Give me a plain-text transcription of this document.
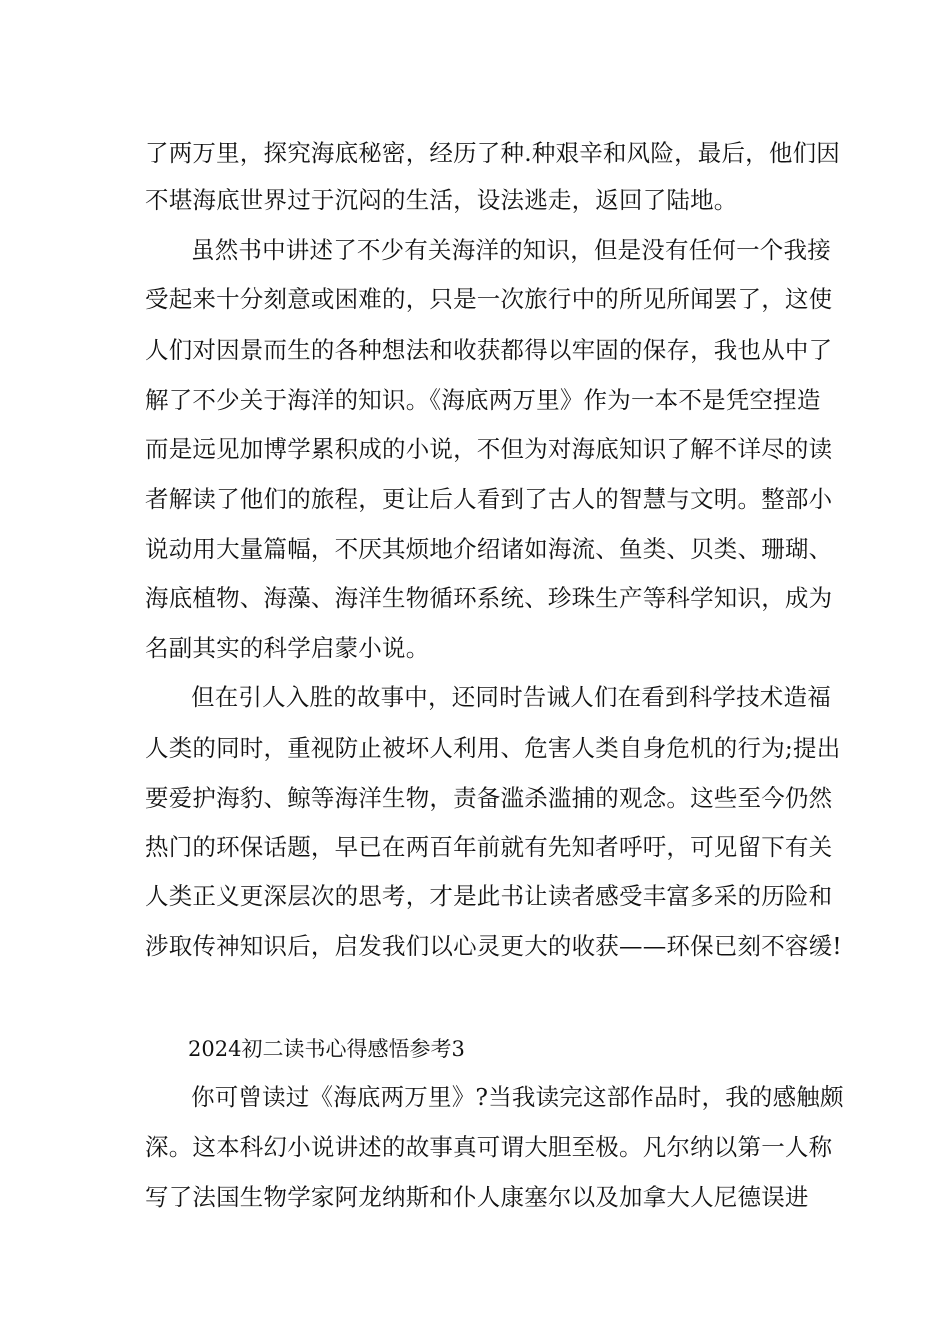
了两万里，探究海底秘密，经历了种.种艰辛和风险，最后，他们因
不堪海底世界过于沉闷的生活，设法逃走，返回了陆地。
虽然书中讲述了不少有关海洋的知识，但是没有任何一个我接
受起来十分刻意或困难的，只是一次旅行中的所见所闻罢了，这使
人们对因景而生的各种想法和收获都得以牢固的保存，我也从中了
解了不少关于海洋的知识。《海底两万里》作为一本不是凭空捏造
而是远见加博学累积成的小说，不但为对海底知识了解不详尽的读
者解读了他们的旅程，更让后人看到了古人的智慧与文明。整部小
说动用大量篇幅，不厌其烦地介绍诸如海流、鱼类、贝类、珊瑚、
海底植物、海藻、海洋生物循环系统、珍珠生产等科学知识，成为
名副其实的科学启蒙小说。
但在引人入胜的故事中，还同时告诫人们在看到科学技术造福
人类的同时，重视防止被坏人利用、危害人类自身危机的行为;提出
要爱护海豹、鲸等海洋生物，责备滥杀滥捕的观念。这些至今仍然
热门的环保话题，早已在两百年前就有先知者呼吁，可见留下有关
人类正义更深层次的思考，才是此书让读者感受丰富多采的历险和
涉取传神知识后，启发我们以心灵更大的收获——环保已刻不容缓!
2024初二读书心得感悟参考3
你可曾读过《海底两万里》?当我读完这部作品时，我的感触颇
深。这本科幻小说讲述的故事真可谓大胆至极。凡尔纳以第一人称
写了法国生物学家阿龙纳斯和仆人康塞尔以及加拿大人尼德误进
